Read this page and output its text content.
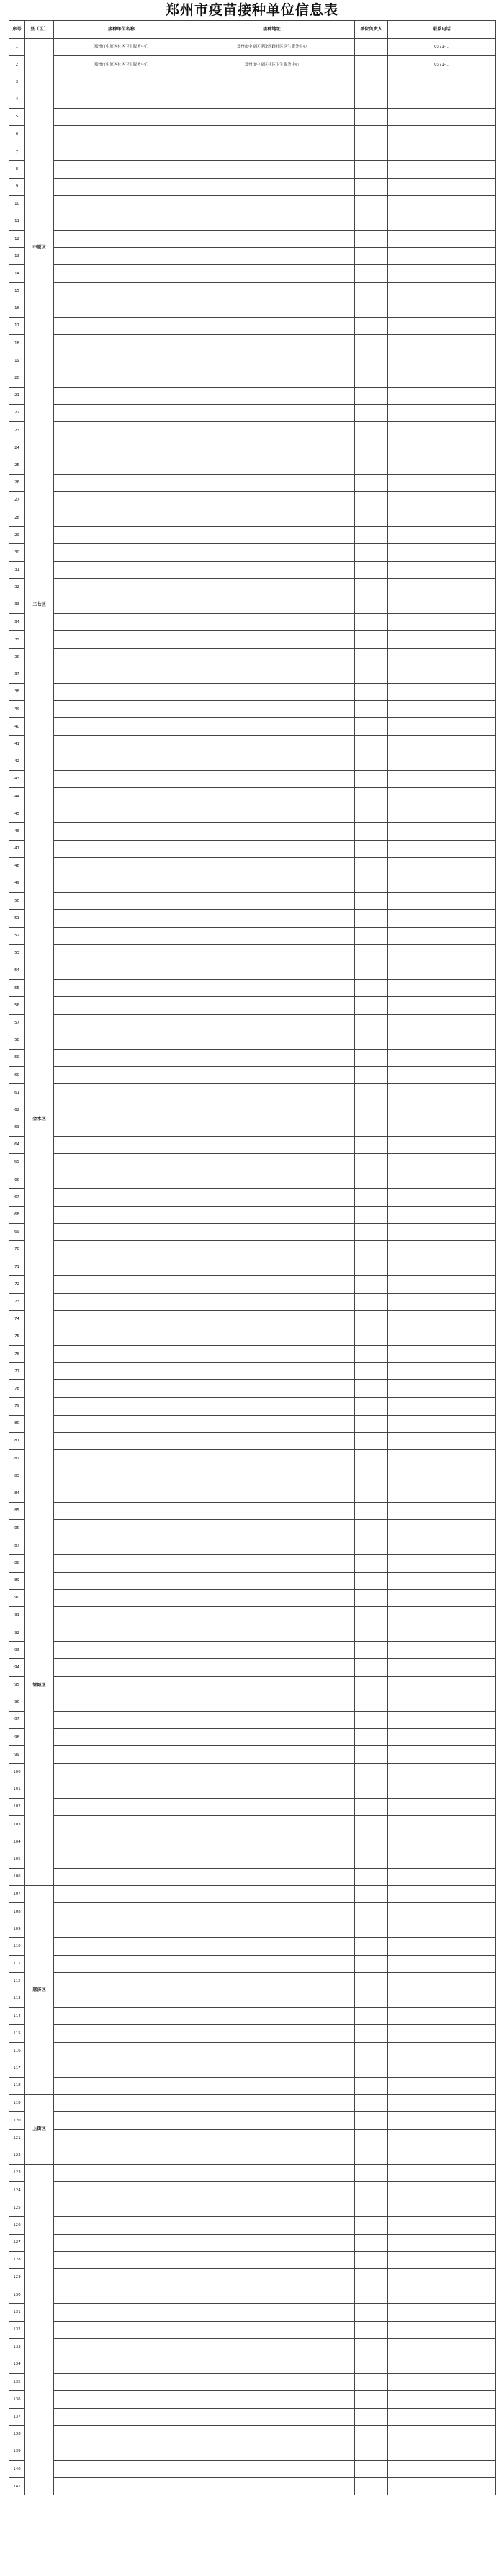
郑州市疫苗接种单位信息表
序号	县（区）	接种单位名称	接种地址	单位负责人	联系电话
1	中原区	郑州市中原区社区卫生服务中心	郑州市中原区建设西路社区卫生服务中心		0371-...
2		郑州市中原区社区卫生服务中心	郑州市中原区社区卫生服务中心		0371-...
3					
4					
5					
6					
7					
8					
9					
10					
11					
12					
13					
14					
15					
16					
17					
18					
19					
20					
21					
22					
23					
24					
25	二七区				
26					
27					
28					
29					
30					
31					
32					
33					
34					
35					
36					
37					
38					
39					
40					
41					
42	金水区				
43					
44					
45					
46					
47					
48					
49					
50					
51					
52					
53					
54					
55					
56					
57					
58					
59					
60					
61					
62					
63					
64					
65					
66					
67					
68					
69					
70					
71					
72					
73					
74					
75					
76					
77					
78					
79					
80					
81					
82					
83					
84	管城区				
85					
86					
87					
88					
89					
90					
91					
92					
93					
94					
95					
96					
97					
98					
99					
100					
101					
102					
103					
104					
105					
106					
107	惠济区				
108					
109					
110					
111					
112					
113					
114					
115					
116					
117					
118					
119	上街区				
120					
121					
122					
123					
124					
125					
126					
127					
128					
129					
130					
131					
132					
133					
134					
135					
136					
137					
138					
139					
140					
141					
